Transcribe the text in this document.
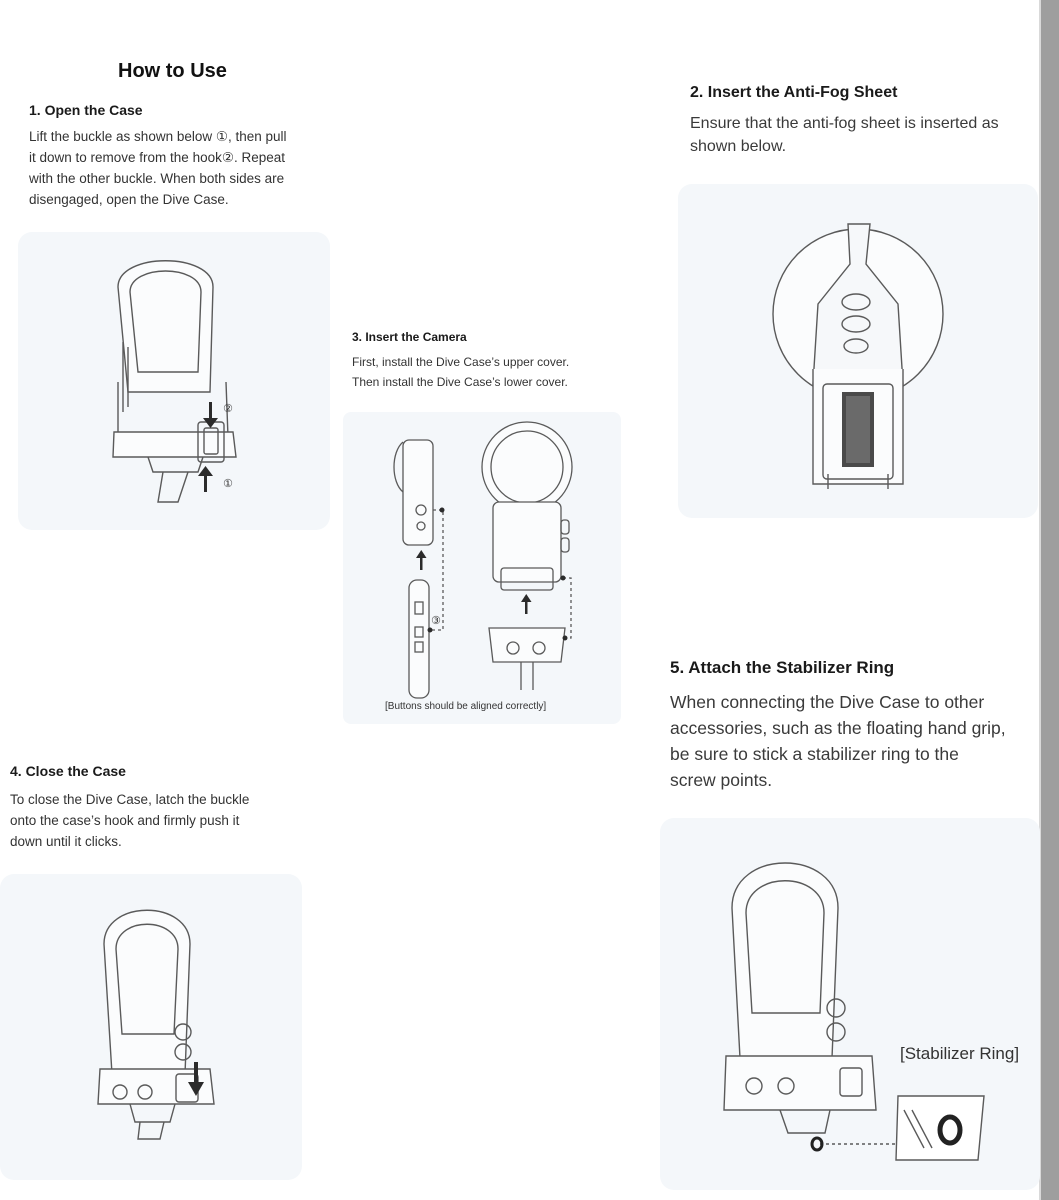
How to Use
1. Open the Case
Lift the buckle as shown below ①, then pull
it down to remove from the hook②. Repeat
with the other buckle. When both sides are
disengaged, open the Dive Case.
②
①
2. Insert the Anti-Fog Sheet
Ensure that the anti-fog sheet is inserted as
shown below.
3. Insert the Camera
First, install the Dive Case’s upper cover.
Then install the Dive Case’s lower cover.
③
[Buttons should be aligned correctly]
4. Close the Case
To close the Dive Case, latch the buckle
onto the case’s hook and firmly push it
down until it clicks.
5. Attach the Stabilizer Ring
When connecting the Dive Case to other
accessories, such as the floating hand grip,
be sure to stick a stabilizer ring to the
screw points.
[Stabilizer Ring]
